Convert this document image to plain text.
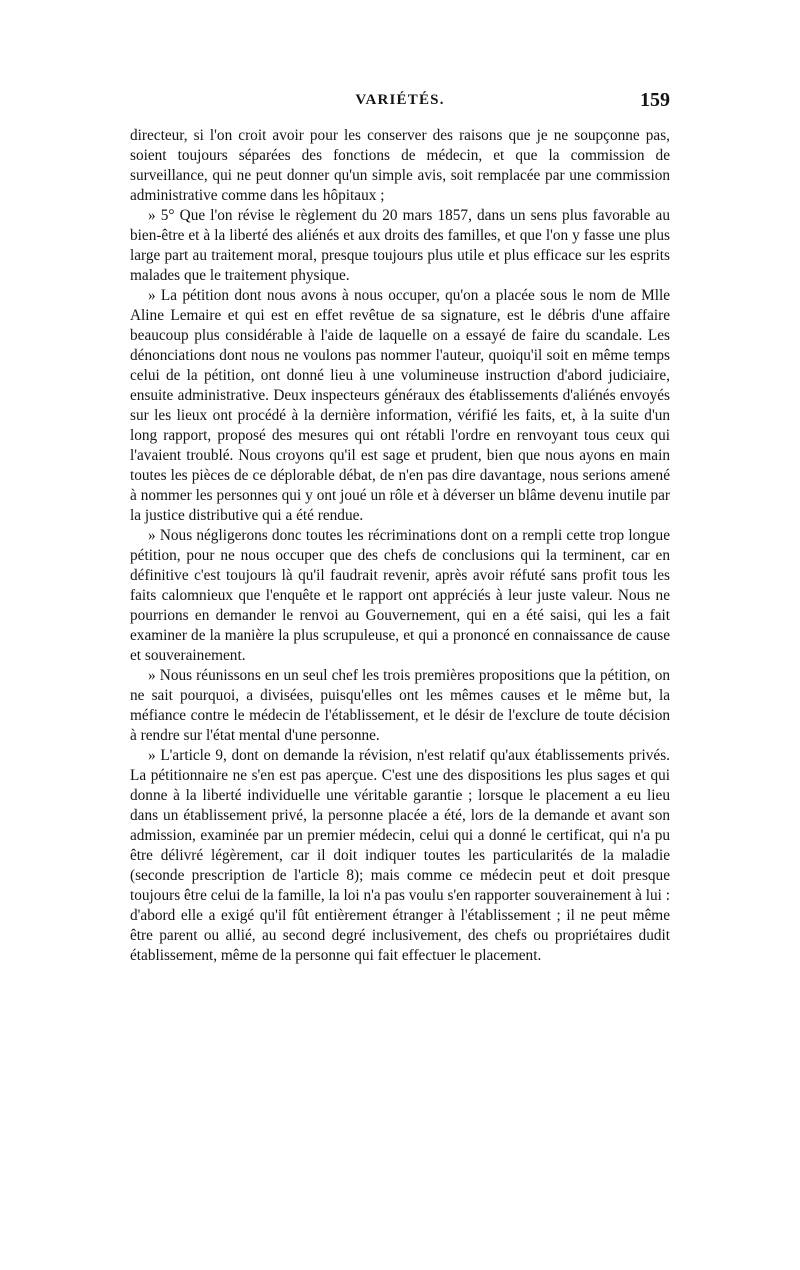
VARIÉTÉS.	159

directeur, si l'on croit avoir pour les conserver des raisons que je ne soupçonne pas, soient toujours séparées des fonctions de médecin, et que la commission de surveillance, qui ne peut donner qu'un simple avis, soit remplacée par une commission administrative comme dans les hôpitaux ;

» 5° Que l'on révise le règlement du 20 mars 1857, dans un sens plus favorable au bien-être et à la liberté des aliénés et aux droits des familles, et que l'on y fasse une plus large part au traitement moral, presque toujours plus utile et plus efficace sur les esprits malades que le traitement physique.

» La pétition dont nous avons à nous occuper, qu'on a placée sous le nom de Mlle Aline Lemaire et qui est en effet revêtue de sa signature, est le débris d'une affaire beaucoup plus considérable à l'aide de laquelle on a essayé de faire du scandale. Les dénonciations dont nous ne voulons pas nommer l'auteur, quoiqu'il soit en même temps celui de la pétition, ont donné lieu à une volumineuse instruction d'abord judiciaire, ensuite administrative. Deux inspecteurs généraux des établissements d'aliénés envoyés sur les lieux ont procédé à la dernière information, vérifié les faits, et, à la suite d'un long rapport, proposé des mesures qui ont rétabli l'ordre en renvoyant tous ceux qui l'avaient troublé. Nous croyons qu'il est sage et prudent, bien que nous ayons en main toutes les pièces de ce déplorable débat, de n'en pas dire davantage, nous serions amené à nommer les personnes qui y ont joué un rôle et à déverser un blâme devenu inutile par la justice distributive qui a été rendue.

» Nous négligerons donc toutes les récriminations dont on a rempli cette trop longue pétition, pour ne nous occuper que des chefs de conclusions qui la terminent, car en définitive c'est toujours là qu'il faudrait revenir, après avoir réfuté sans profit tous les faits calomnieux que l'enquête et le rapport ont appréciés à leur juste valeur. Nous ne pourrions en demander le renvoi au Gouvernement, qui en a été saisi, qui les a fait examiner de la manière la plus scrupuleuse, et qui a prononcé en connaissance de cause et souverainement.

» Nous réunissons en un seul chef les trois premières propositions que la pétition, on ne sait pourquoi, a divisées, puisqu'elles ont les mêmes causes et le même but, la méfiance contre le médecin de l'établissement, et le désir de l'exclure de toute décision à rendre sur l'état mental d'une personne.

» L'article 9, dont on demande la révision, n'est relatif qu'aux établissements privés. La pétitionnaire ne s'en est pas aperçue. C'est une des dispositions les plus sages et qui donne à la liberté individuelle une véritable garantie ; lorsque le placement a eu lieu dans un établissement privé, la personne placée a été, lors de la demande et avant son admission, examinée par un premier médecin, celui qui a donné le certificat, qui n'a pu être délivré légèrement, car il doit indiquer toutes les particularités de la maladie (seconde prescription de l'article 8); mais comme ce médecin peut et doit presque toujours être celui de la famille, la loi n'a pas voulu s'en rapporter souverainement à lui : d'abord elle a exigé qu'il fût entièrement étranger à l'établissement ; il ne peut même être parent ou allié, au second degré inclusivement, des chefs ou propriétaires dudit établissement, même de la personne qui fait effectuer le placement.
